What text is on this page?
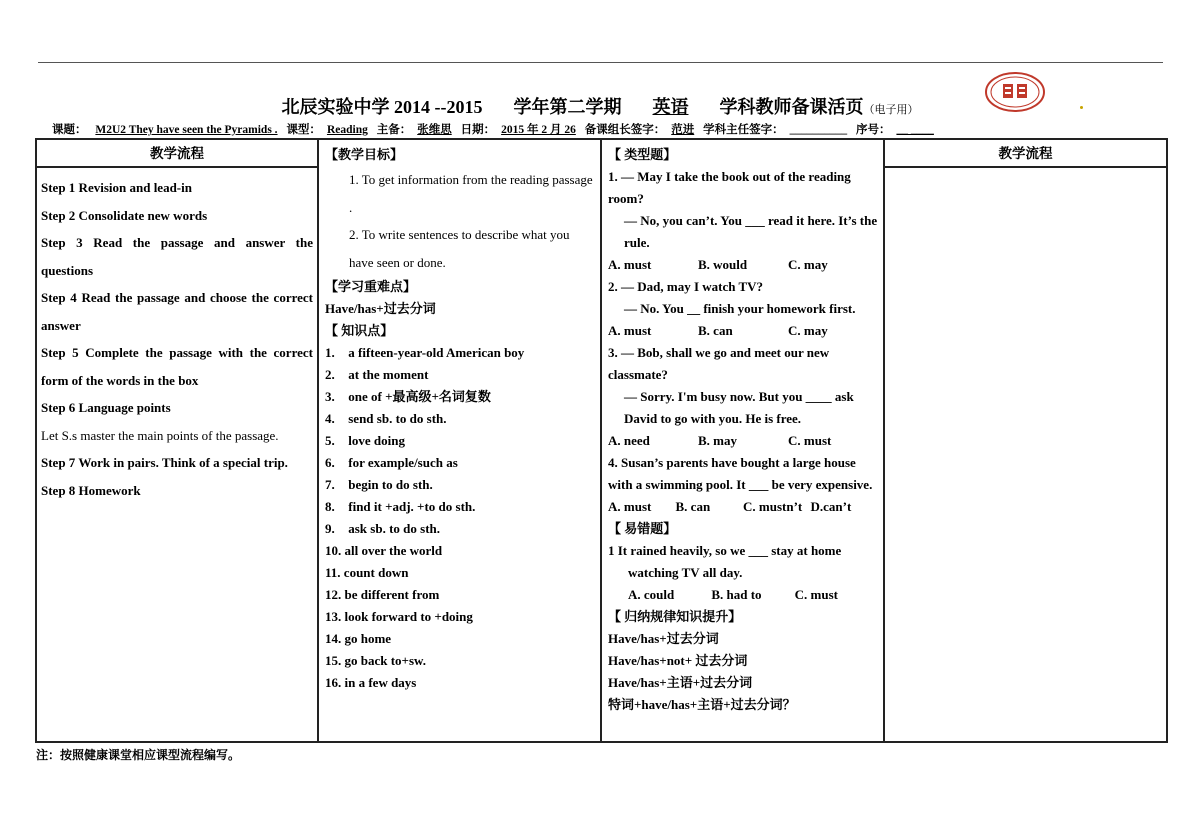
北辰实验中学 2014 --2015 学年第二学期 英语 学科教师备课活页（电子用）
课题： M2U2 They have seen the Pyramids . 课型： Reading 主备： 张维思 日期： 2015 年 2 月 26 备课组长签字： 范进 学科主任签字： __________ 序号： __ ____
教学流程
Step 1 Revision and lead-in
Step 2 Consolidate new words
Step 3 Read the passage and answer the questions
Step 4 Read the passage and choose the correct answer
Step 5 Complete the passage with the correct form of the words in the box
Step 6 Language points
Let S.s master the main points of the passage.
Step 7 Work in pairs. Think of a special trip.
Step 8 Homework

【教学目标】
1. To get information from the reading passage .
2. To write sentences to describe what you have seen or done.
【学习重难点】
Have/has+过去分词
【 知识点】
1. a fifteen-year-old American boy
2. at the moment
3. one of +最高级+名词复数
4. send sb. to do sth.
5. love doing
6. for example/such as
7. begin to do sth.
8. find it +adj. +to do sth.
9. ask sb. to do sth.
10. all over the world
11. count down
12. be different from
13. look forward to +doing
14. go home
15. go back to+sw.
16. in a few days

【 类型题】
1. — May I take the book out of the reading room?
— No, you can’t. You ___ read it here. It’s the rule.
A. must	B. would	C. may
2. — Dad, may I watch TV?
— No. You __ finish your homework first.
A. must	B. can	C. may
3. — Bob, shall we go and meet our new classmate?
— Sorry. I'm busy now. But you ____ ask David to go with you. He is free.
A. need	B. may	C. must
4. Susan’s parents have bought a large house with a swimming pool. It ___ be very expensive.
A. must	B. can	C. mustn’t D.can’t
【 易错题】
1 It rained heavily, so we ___ stay at home
watching TV all day.
A. could	B. had to	C. must
【 归纳规律知识提升】
Have/has+过去分词
Have/has+not+ 过去分词
Have/has+主语+过去分词
特词+have/has+主语+过去分词？

教学流程
注：按照健康课堂相应课型流程编写。
